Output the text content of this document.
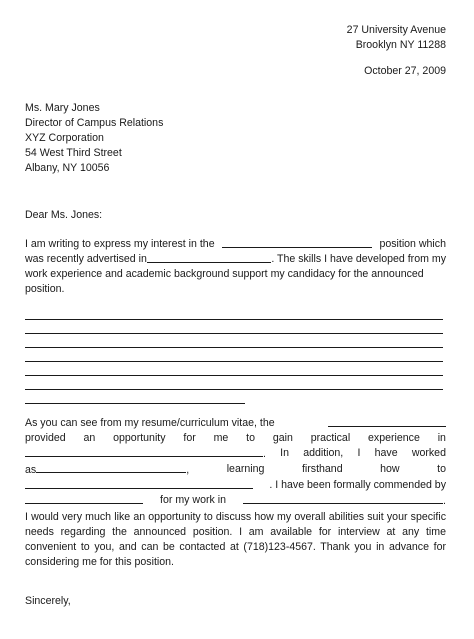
27 University Avenue
Brooklyn NY 11288
October 27, 2009
Ms. Mary Jones
Director of Campus Relations
XYZ Corporation
54 West Third Street
Albany, NY 10056
Dear Ms. Jones:
I am writing to express my interest in the	position which
was recently advertised in	. The skills I have developed from my
work experience and academic background support my candidacy for the announced
position.
As you can see from my resume/curriculum vitae, the
provided an opportunity for me to gain practical experience in
. In addition, I have worked
as	,	learning	firsthand	how	to
. I have been formally commended by
for my work in	.
I would very much like an opportunity to discuss how my overall abilities suit your specific needs regarding the announced position. I am available for interview at any time convenient to you, and can be contacted at (718)123-4567. Thank you in advance for considering me for this position.
Sincerely,
